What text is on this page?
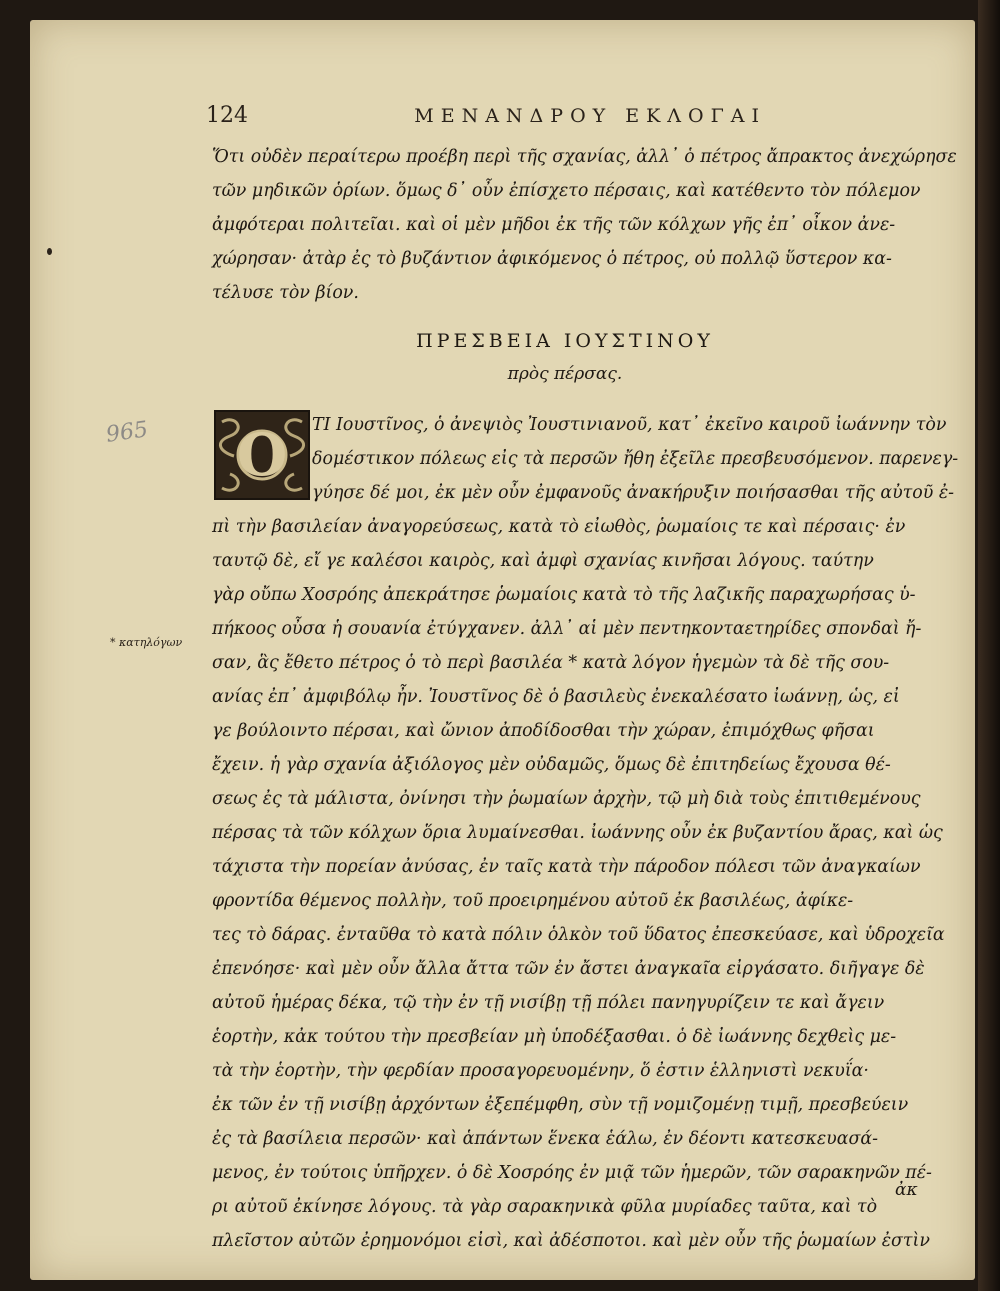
124	ΜΕΝΑΝΔΡΟΥ ΕΚΛΟΓΑΙ
Ὅτι οὐδὲν περαίτερω προέβη περὶ τῆς σχανίας, ἀλλ᾽ ὁ πέτρος ἄπρακτος ἀνεχώρησε
τῶν μηδικῶν ὁρίων. ὅμως δ᾽ οὖν ἐπίσχετο πέρσαις, καὶ κατέθεντο τὸν πόλεμον
ἀμφότεραι πολιτεῖαι. καὶ οἱ μὲν μῆδοι ἐκ τῆς τῶν κόλχων γῆς ἐπ᾽ οἶκον ἀνε-
χώρησαν· ἀτὰρ ἐς τὸ βυζάντιον ἀφικόμενος ὁ πέτρος, οὐ πολλῷ ὕστερον κα-
τέλυσε τὸν βίον.
ΠΡΕΣΒΕΙΑ ΙΟΥΣΤΙΝΟΥ
πρὸς πέρσας.
965	Ο
* κατηλόγων
ΤΙ Ιουστῖνος, ὁ ἀνεψιὸς Ἰουστινιανοῦ, κατ᾽ ἐκεῖνο καιροῦ ἰωάννην τὸν
δομέστικον πόλεως εἰς τὰ περσῶν ἤθη ἐξεῖλε πρεσβευσόμενον. παρενεγ-
γύησε δέ μοι, ἐκ μὲν οὖν ἐμφανοῦς ἀνακήρυξιν ποιήσασθαι τῆς αὐτοῦ ἐ-
πὶ τὴν βασιλείαν ἀναγορεύσεως, κατὰ τὸ εἰωθὸς, ῥωμαίοις τε καὶ πέρσαις· ἐν
ταυτῷ δὲ, εἴ γε καλέσοι καιρὸς, καὶ ἀμφὶ σχανίας κινῆσαι λόγους. ταύτην
γὰρ οὔπω Χοσρόης ἀπεκράτησε ῥωμαίοις κατὰ τὸ τῆς λαζικῆς παραχωρήσας ὑ-
πήκοος οὖσα ἡ σουανία ἐτύγχανεν. ἀλλ᾽ αἱ μὲν πεντηκονταετηρίδες σπονδαὶ ἤ-
σαν, ἃς ἔθετο πέτρος ὁ τὸ περὶ βασιλέα * κατὰ λόγον ἡγεμὼν τὰ δὲ τῆς σου-
ανίας ἐπ᾽ ἀμφιβόλῳ ἦν. Ἰουστῖνος δὲ ὁ βασιλεὺς ἐνεκαλέσατο ἰωάννῃ, ὡς, εἰ
γε βούλοιντο πέρσαι, καὶ ὤνιον ἀποδίδοσθαι τὴν χώραν, ἐπιμόχθως φῆσαι
ἔχειν. ἡ γὰρ σχανία ἀξιόλογος μὲν οὐδαμῶς, ὅμως δὲ ἐπιτηδείως ἔχουσα θέ-
σεως ἐς τὰ μάλιστα, ὀνίνησι τὴν ῥωμαίων ἀρχὴν, τῷ μὴ διὰ τοὺς ἐπιτιθεμένους
πέρσας τὰ τῶν κόλχων ὅρια λυμαίνεσθαι. ἰωάννης οὖν ἐκ βυζαντίου ἄρας, καὶ ὡς
τάχιστα τὴν πορείαν ἀνύσας, ἐν ταῖς κατὰ τὴν πάροδον πόλεσι τῶν ἀναγκαίων
φροντίδα θέμενος πολλὴν, τοῦ προειρημένου αὐτοῦ ἐκ βασιλέως, ἀφίκε-
τες τὸ δάρας. ἐνταῦθα τὸ κατὰ πόλιν ὁλκὸν τοῦ ὕδατος ἐπεσκεύασε, καὶ ὑδροχεῖα
ἐπενόησε· καὶ μὲν οὖν ἄλλα ἄττα τῶν ἐν ἄστει ἀναγκαῖα εἰργάσατο. διῆγαγε δὲ
αὐτοῦ ἡμέρας δέκα, τῷ τὴν ἐν τῇ νισίβῃ τῇ πόλει πανηγυρίζειν τε καὶ ἄγειν
ἑορτὴν, κἀκ τούτου τὴν πρεσβείαν μὴ ὑποδέξασθαι. ὁ δὲ ἰωάννης δεχθεὶς με-
τὰ τὴν ἑορτὴν, τὴν φερδίαν προσαγορευομένην, ὅ ἐστιν ἑλληνιστὶ νεκυΐα·
ἐκ τῶν ἐν τῇ νισίβῃ ἀρχόντων ἐξεπέμφθη, σὺν τῇ νομιζομένῃ τιμῇ, πρεσβεύειν
ἐς τὰ βασίλεια περσῶν· καὶ ἁπάντων ἕνεκα ἑάλω, ἐν δέοντι κατεσκευασά-
μενος, ἐν τούτοις ὑπῆρχεν. ὁ δὲ Χοσρόης ἐν μιᾷ τῶν ἡμερῶν, τῶν σαρακηνῶν πέ-
ρι αὐτοῦ ἐκίνησε λόγους. τὰ γὰρ σαρακηνικὰ φῦλα μυρίαδες ταῦτα, καὶ τὸ
πλεῖστον αὐτῶν ἐρημονόμοι εἰσὶ, καὶ ἀδέσποτοι. καὶ μὲν οὖν τῆς ῥωμαίων ἐστὶν
ἀκ
